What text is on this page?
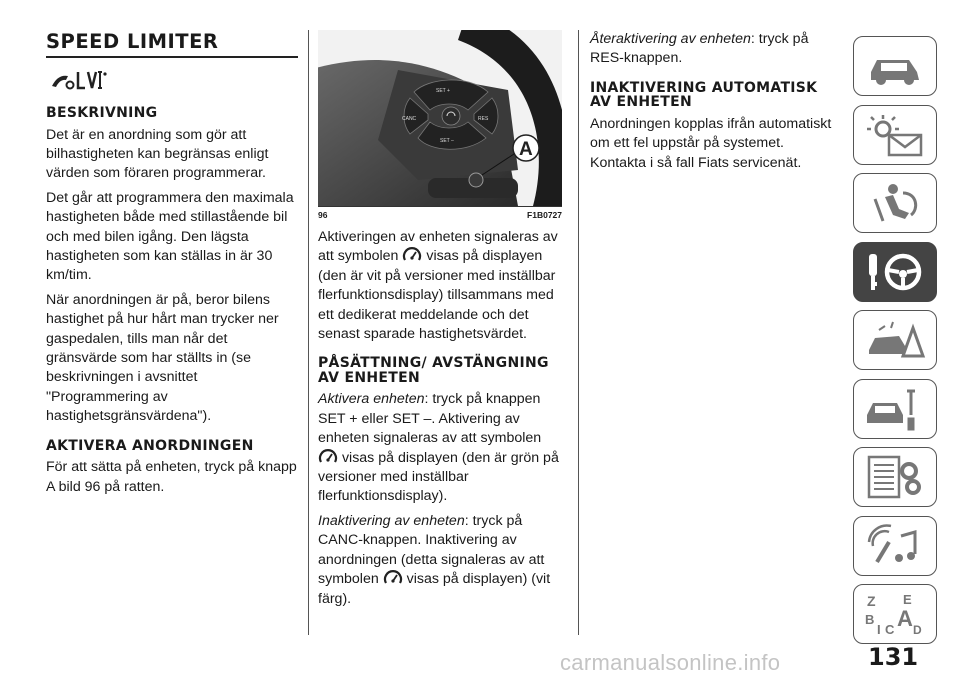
SPEED LIMITER
BESKRIVNING

Det är en anordning som gör att bilhastigheten kan begränsas enligt värden som föraren programmerar.

Det går att programmera den maximala hastigheten både med stillastående bil och med bilen igång. Den lägsta hastigheten som kan ställas in är 30 km/tim.

När anordningen är på, beror bilens hastighet på hur hårt man trycker ner gaspedalen, tills man når det gränsvärde som har ställts in (se beskrivningen i avsnittet "Programmering av hastighetsgränsvärdena").

AKTIVERA ANORDNINGEN

För att sätta på enheten, tryck på knapp A bild 96 på ratten.

SET +
CANC	RES
SET –	A
96	F1B0727

Aktiveringen av enheten signaleras av att symbolen visas på displayen (den är vit på versioner med inställbar flerfunktionsdisplay) tillsammans med ett dedikerat meddelande och det senast sparade hastighetsvärdet.

PÅSÄTTNING/ AVSTÄNGNING AV ENHETEN

Aktivera enheten: tryck på knappen SET + eller SET –. Aktivering av enheten signaleras av att symbolen
visas på displayen (den är grön på versioner med inställbar flerfunktionsdisplay).

Inaktivering av enheten: tryck på CANC-knappen. Inaktivering av anordningen (detta signaleras av att symbolen visas på displayen) (vit färg).

Återaktivering av enheten: tryck på RES-knappen.

INAKTIVERING AUTOMATISK AV ENHETEN

Anordningen kopplas ifrån automatiskt om ett fel uppstår på systemet. Kontakta i så fall Fiats servicenät.

Z E
B A
I C D
131
carmanualsonline.info
